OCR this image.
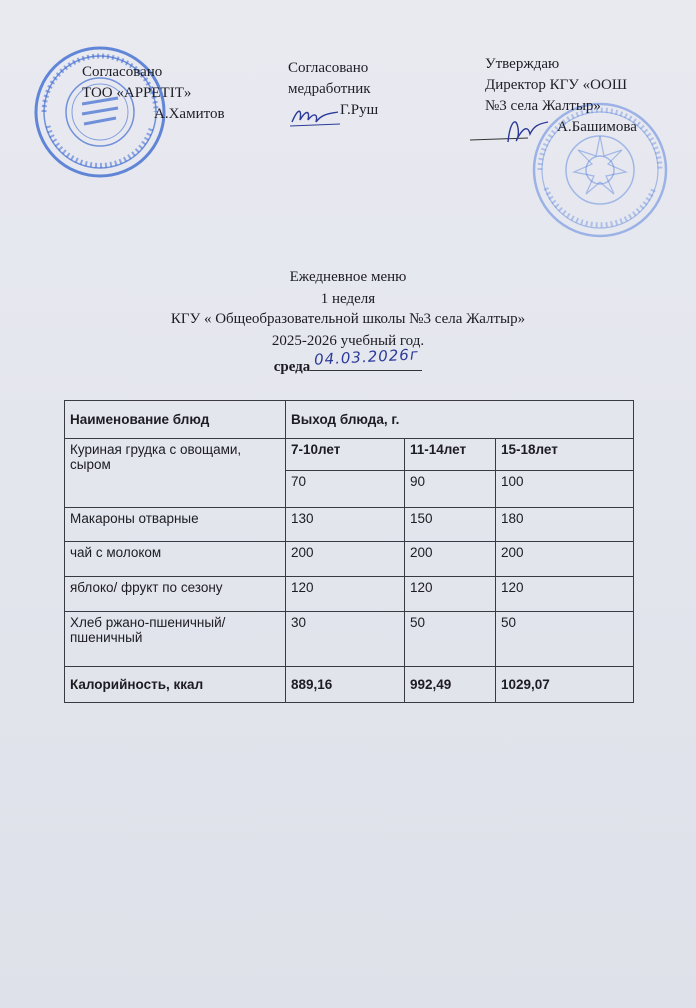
Согласовано
ТОО «APPETIT»
А.Хамитов
Согласовано
медработник
Г.Руш
Утверждаю
Директор КГУ «ООШ
№3 села Жалтыр»
А.Башимова
Ежедневное меню
1 неделя
КГУ « Общеобразовательной школы №3 села Жалтыр»
2025-2026 учебный год.
среда 04.03.2026г
Наименование блюд	Выход блюда, г.		
Куриная грудка с овощами, сыром	7-10лет	11-14лет	15-18лет
	70	90	100
Макароны отварные	130	150	180
чай с молоком	200	200	200
яблоко/ фрукт по сезону	120	120	120
Хлеб ржано-пшеничный/ пшеничный	30	50	50
Калорийность, ккал	889,16	992,49	1029,07
